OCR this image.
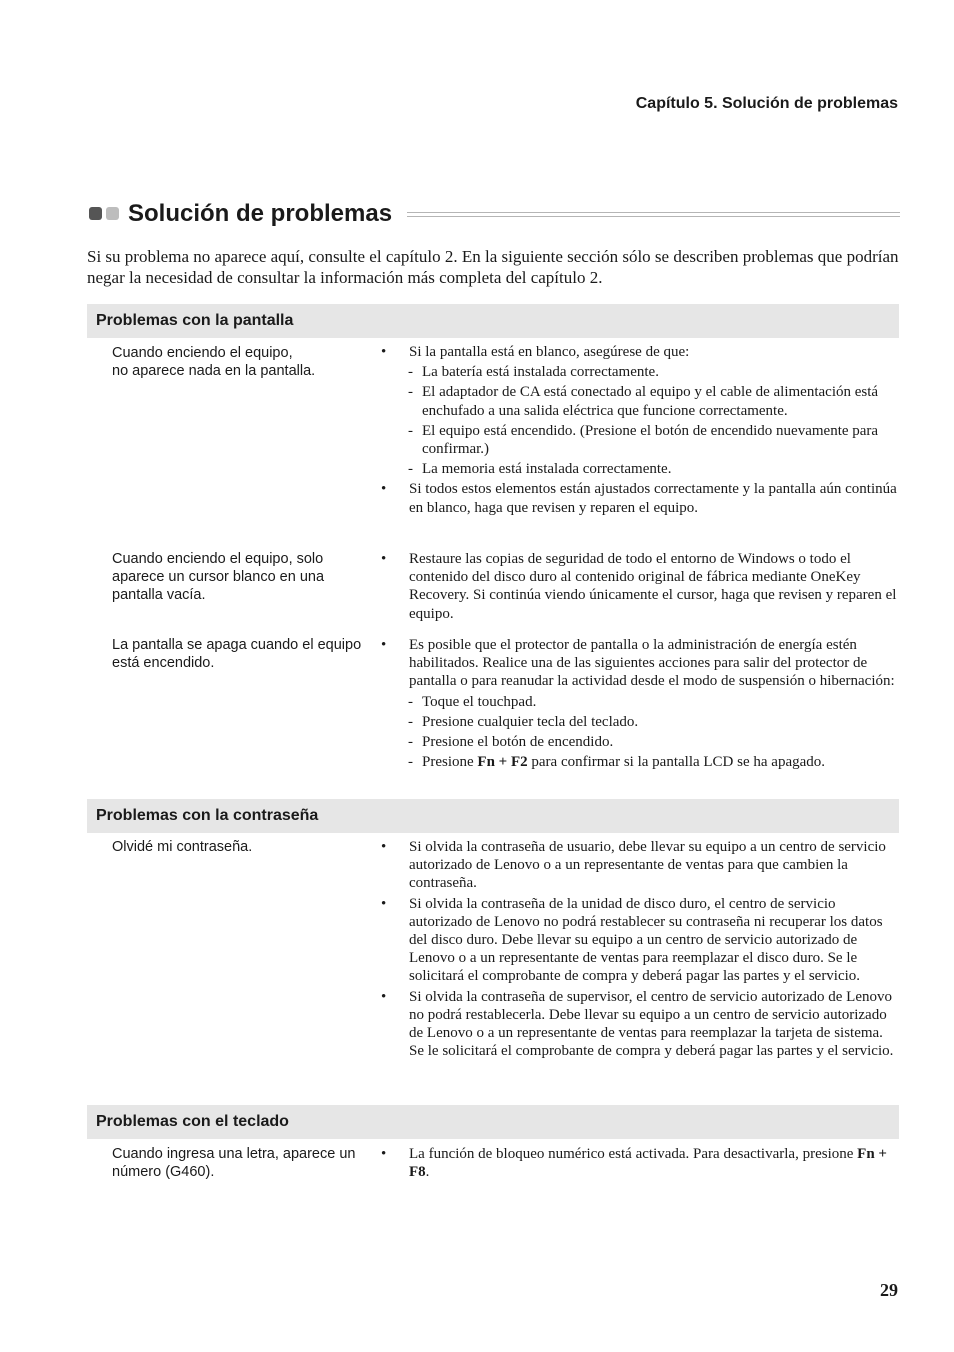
Capítulo 5. Solución de problemas
Solución de problemas

Si su problema no aparece aquí, consulte el capítulo 2. En la siguiente sección sólo se describen problemas que podrían negar la necesidad de consultar la información más completa del capítulo 2.

Problemas con la pantalla
Cuando enciendo el equipo,
no aparece nada en la pantalla.
• Si la pantalla está en blanco, asegúrese de que:
- La batería está instalada correctamente.
- El adaptador de CA está conectado al equipo y el cable de alimentación está enchufado a una salida eléctrica que funcione correctamente.
- El equipo está encendido. (Presione el botón de encendido nuevamente para confirmar.)
- La memoria está instalada correctamente.
• Si todos estos elementos están ajustados correctamente y la pantalla aún continúa en blanco, haga que revisen y reparen el equipo.
Cuando enciendo el equipo, solo aparece un cursor blanco en una pantalla vacía.
• Restaure las copias de seguridad de todo el entorno de Windows o todo el contenido del disco duro al contenido original de fábrica mediante OneKey Recovery. Si continúa viendo únicamente el cursor, haga que revisen y reparen el equipo.
La pantalla se apaga cuando el equipo está encendido.
• Es posible que el protector de pantalla o la administración de energía estén habilitados. Realice una de las siguientes acciones para salir del protector de pantalla o para reanudar la actividad desde el modo de suspensión o hibernación:
- Toque el touchpad.
- Presione cualquier tecla del teclado.
- Presione el botón de encendido.
- Presione Fn + F2 para confirmar si la pantalla LCD se ha apagado.
Problemas con la contraseña
Olvidé mi contraseña.	• Si olvida la contraseña de usuario, debe llevar su equipo a un centro de servicio autorizado de Lenovo o a un representante de ventas para que cambien la contraseña.
• Si olvida la contraseña de la unidad de disco duro, el centro de servicio autorizado de Lenovo no podrá restablecer su contraseña ni recuperar los datos del disco duro. Debe llevar su equipo a un centro de servicio autorizado de Lenovo o a un representante de ventas para reemplazar el disco duro. Se le solicitará el comprobante de compra y deberá pagar las partes y el servicio.
• Si olvida la contraseña de supervisor, el centro de servicio autorizado de Lenovo no podrá restablecerla. Debe llevar su equipo a un centro de servicio autorizado de Lenovo o a un representante de ventas para reemplazar la tarjeta de sistema. Se le solicitará el comprobante de compra y deberá pagar las partes y el servicio.
Problemas con el teclado
Cuando ingresa una letra, aparece un número (G460).
• La función de bloqueo numérico está activada. Para desactivarla, presione Fn + F8.
29
